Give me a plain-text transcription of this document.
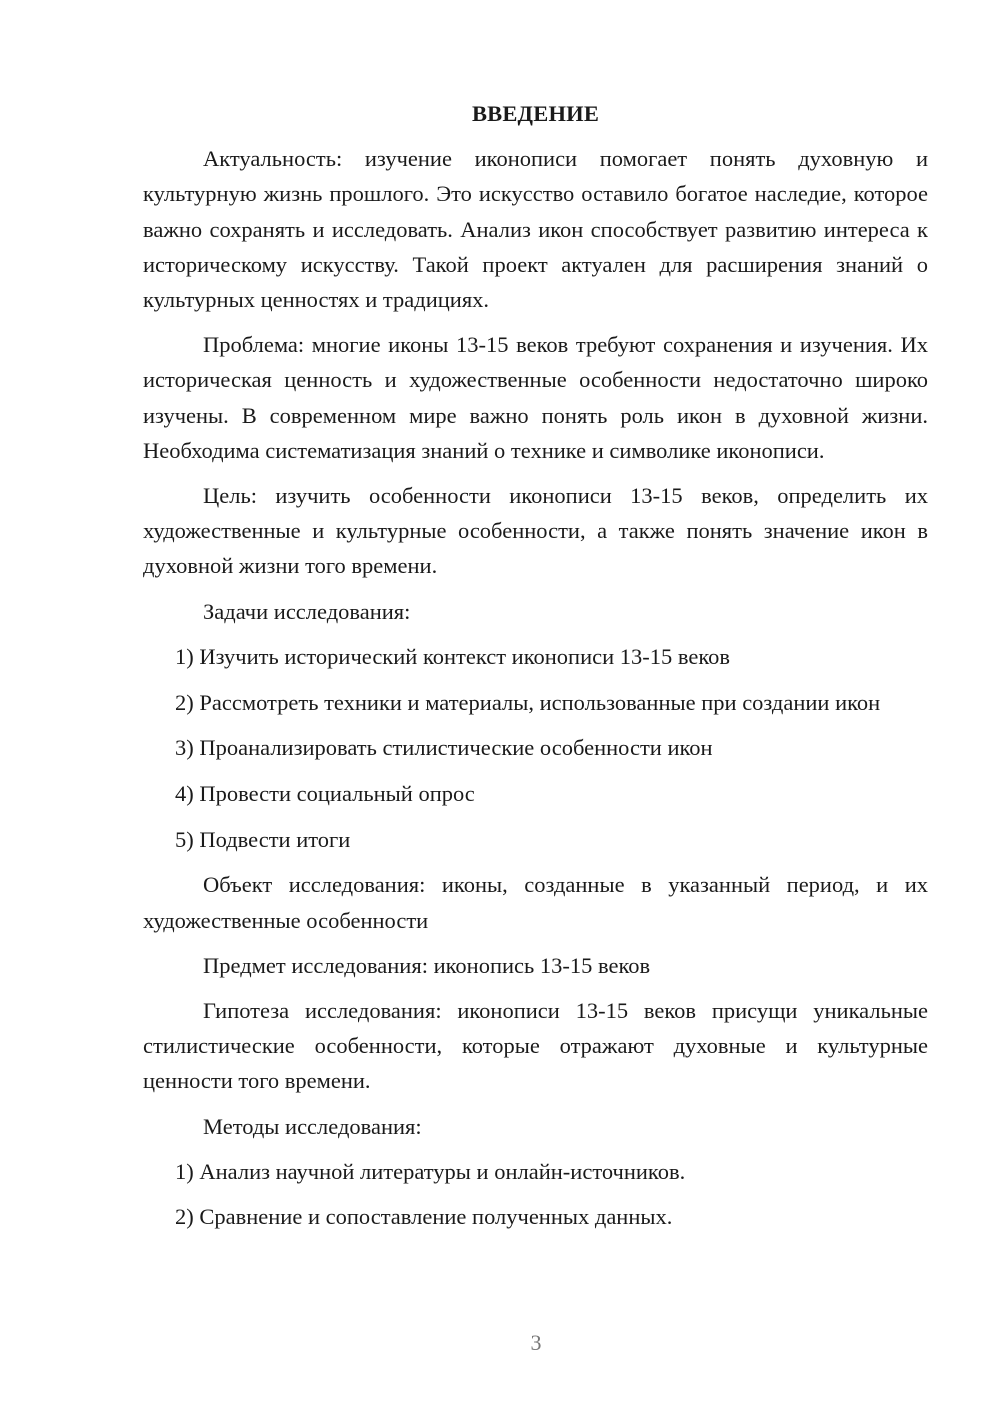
ВВЕДЕНИЕ

Актуальность: изучение иконописи помогает понять духовную и культурную жизнь прошлого. Это искусство оставило богатое наследие, которое важно сохранять и исследовать. Анализ икон способствует развитию интереса к историческому искусству. Такой проект актуален для расширения знаний о культурных ценностях и традициях.

Проблема: многие иконы 13-15 веков требуют сохранения и изучения. Их историческая ценность и художественные особенности недостаточно широко изучены. В современном мире важно понять роль икон в духовной жизни. Необходима систематизация знаний о технике и символике иконописи.

Цель: изучить особенности иконописи 13-15 веков, определить их художественные и культурные особенности, а также понять значение икон в духовной жизни того времени.

Задачи исследования:

1) Изучить исторический контекст иконописи 13-15 веков

2) Рассмотреть техники и материалы, использованные при создании икон

3) Проанализировать стилистические особенности икон

4) Провести социальный опрос

5) Подвести итоги

Объект исследования: иконы, созданные в указанный период, и их художественные особенности

Предмет исследования: иконопись 13-15 веков

Гипотеза исследования: иконописи 13-15 веков присущи уникальные стилистические особенности, которые отражают духовные и культурные ценности того времени.

Методы исследования:

1) Анализ научной литературы и онлайн-источников.

2) Сравнение и сопоставление полученных данных.

3
